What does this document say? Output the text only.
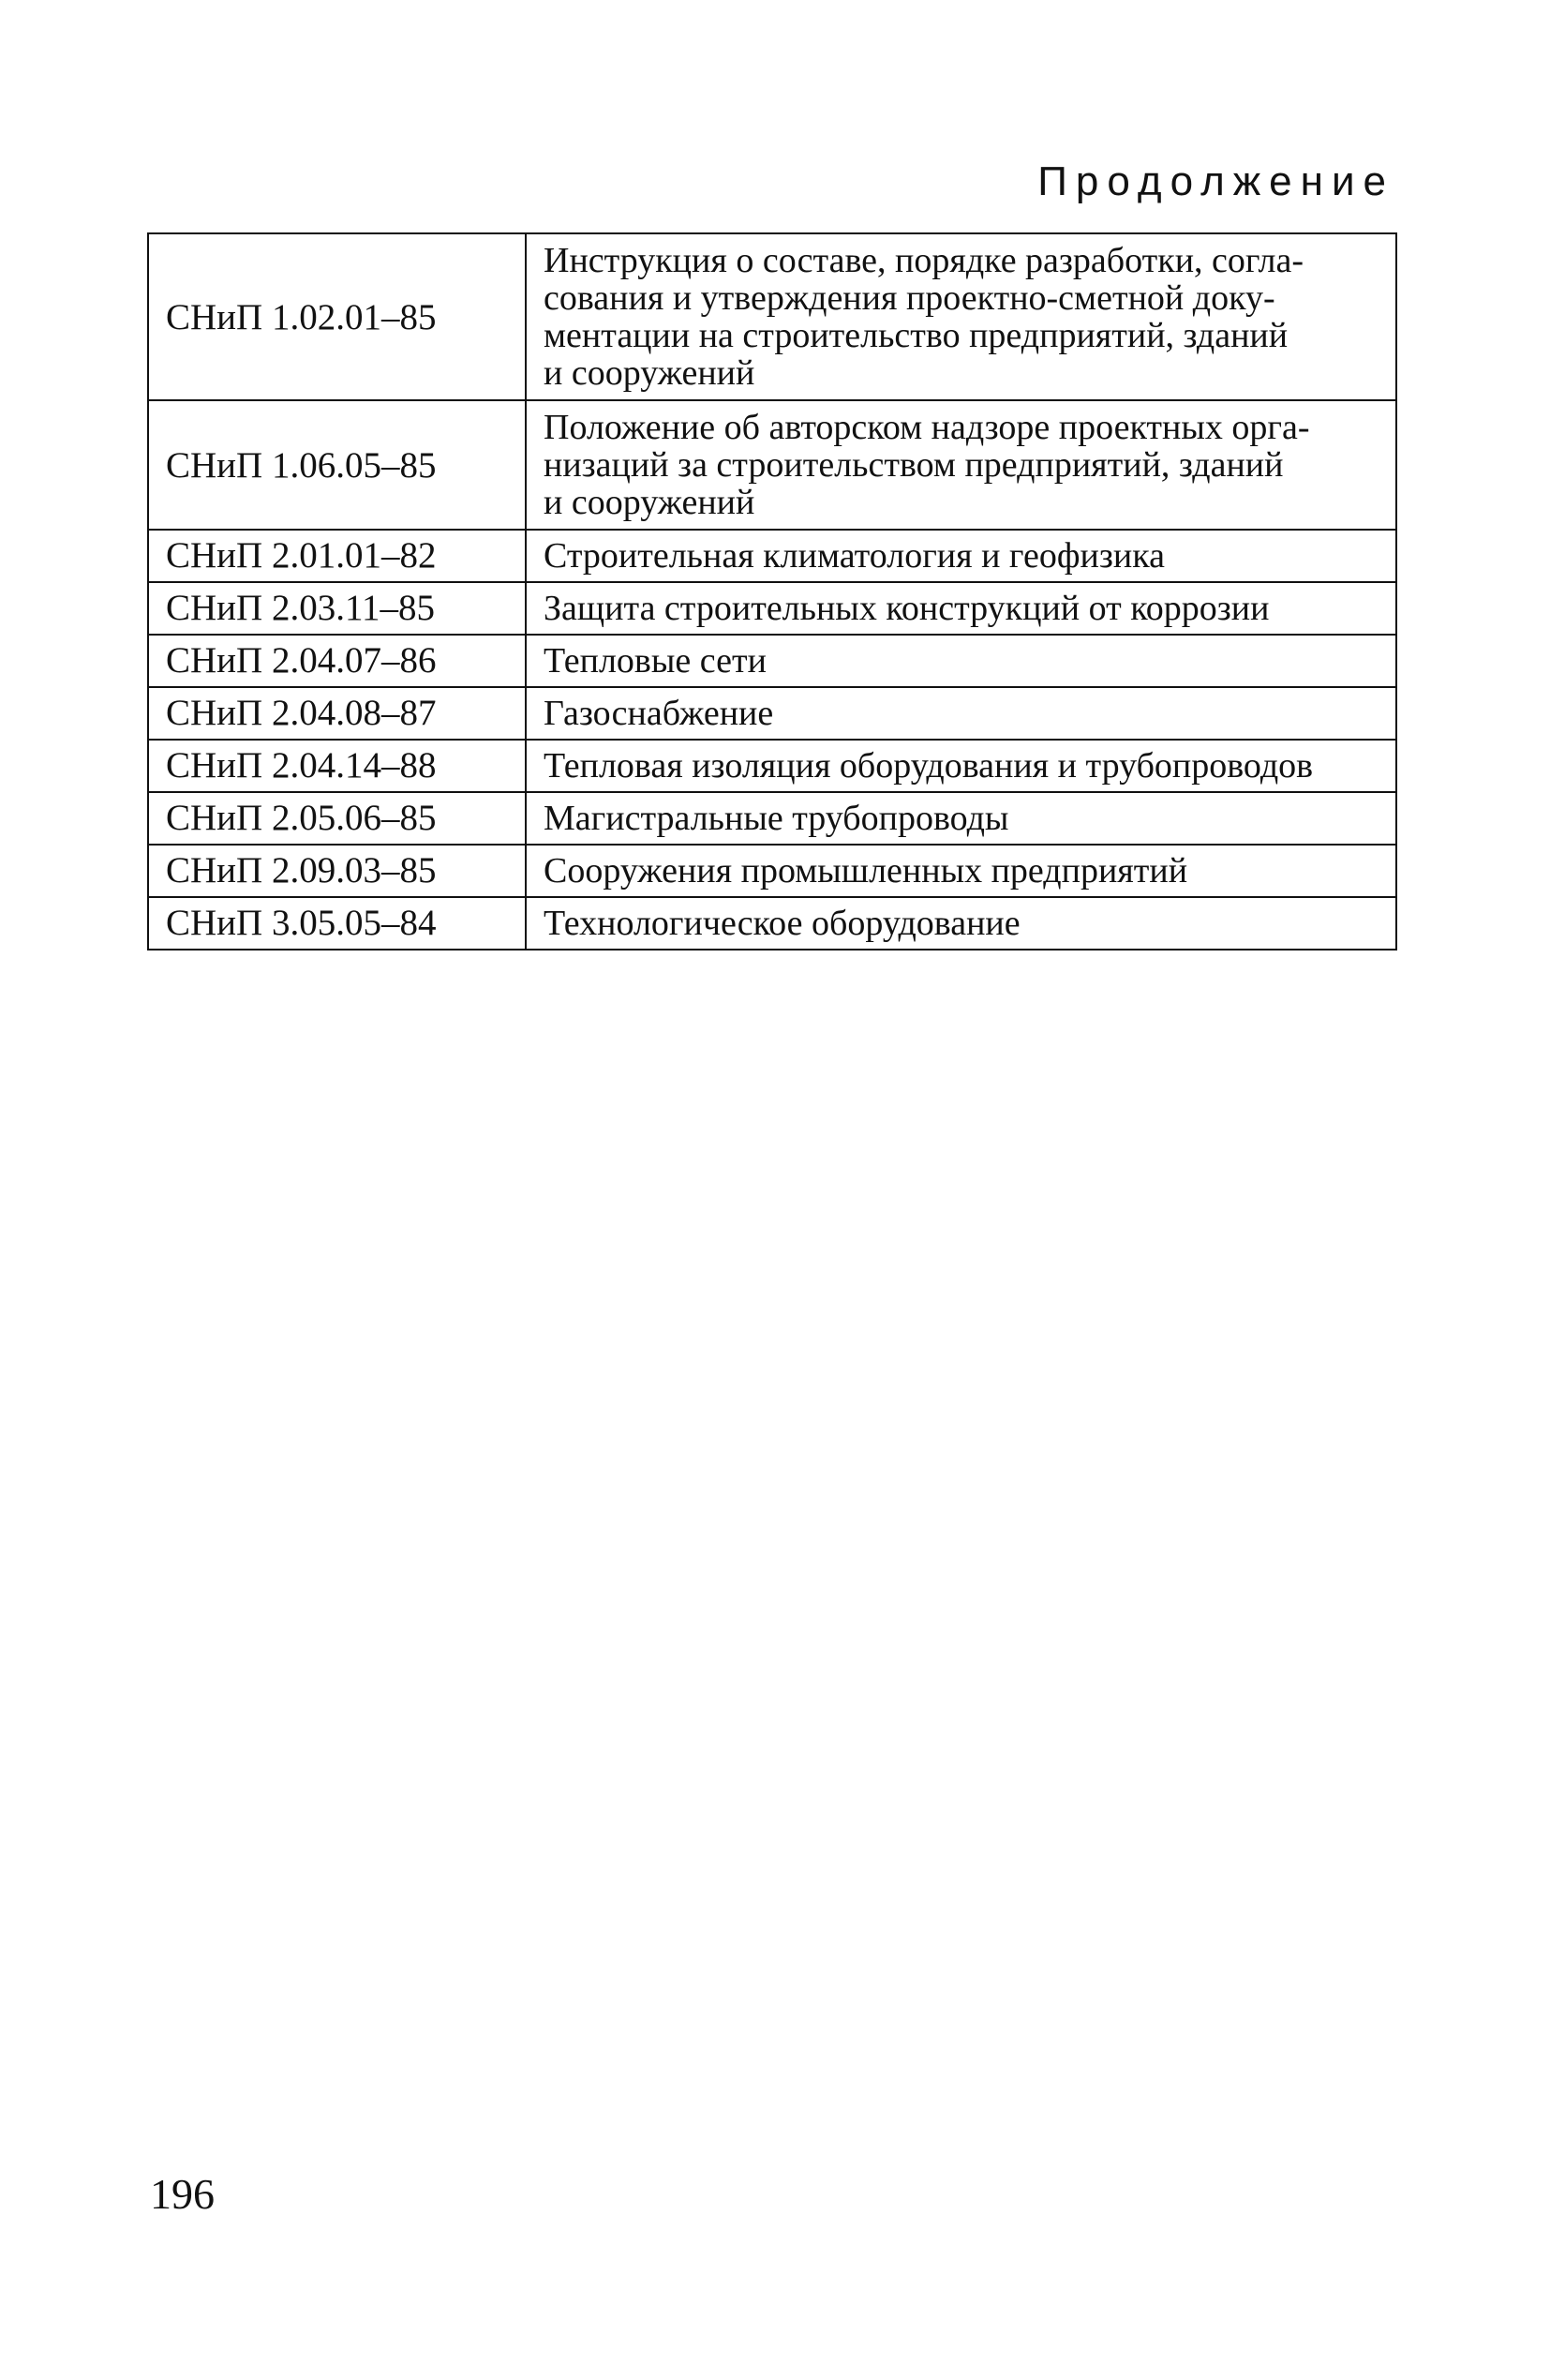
Продолжение
СНиП 1.02.01–85	Инструкция о составе, порядке разработки, согла-
сования и утверждения проектно-сметной доку-
ментации на строительство предприятий, зданий
и сооружений

СНиП 1.06.05–85	Положение об авторском надзоре проектных орга-
низаций за строительством предприятий, зданий
и сооружений

СНиП 2.01.01–82	Строительная климатология и геофизика
СНиП 2.03.11–85	Защита строительных конструкций от коррозии
СНиП 2.04.07–86	Тепловые сети
СНиП 2.04.08–87	Газоснабжение
СНиП 2.04.14–88	Тепловая изоляция оборудования и трубопроводов
СНиП 2.05.06–85	Магистральные трубопроводы
СНиП 2.09.03–85	Сооружения промышленных предприятий
СНиП 3.05.05–84	Технологическое оборудование

196
